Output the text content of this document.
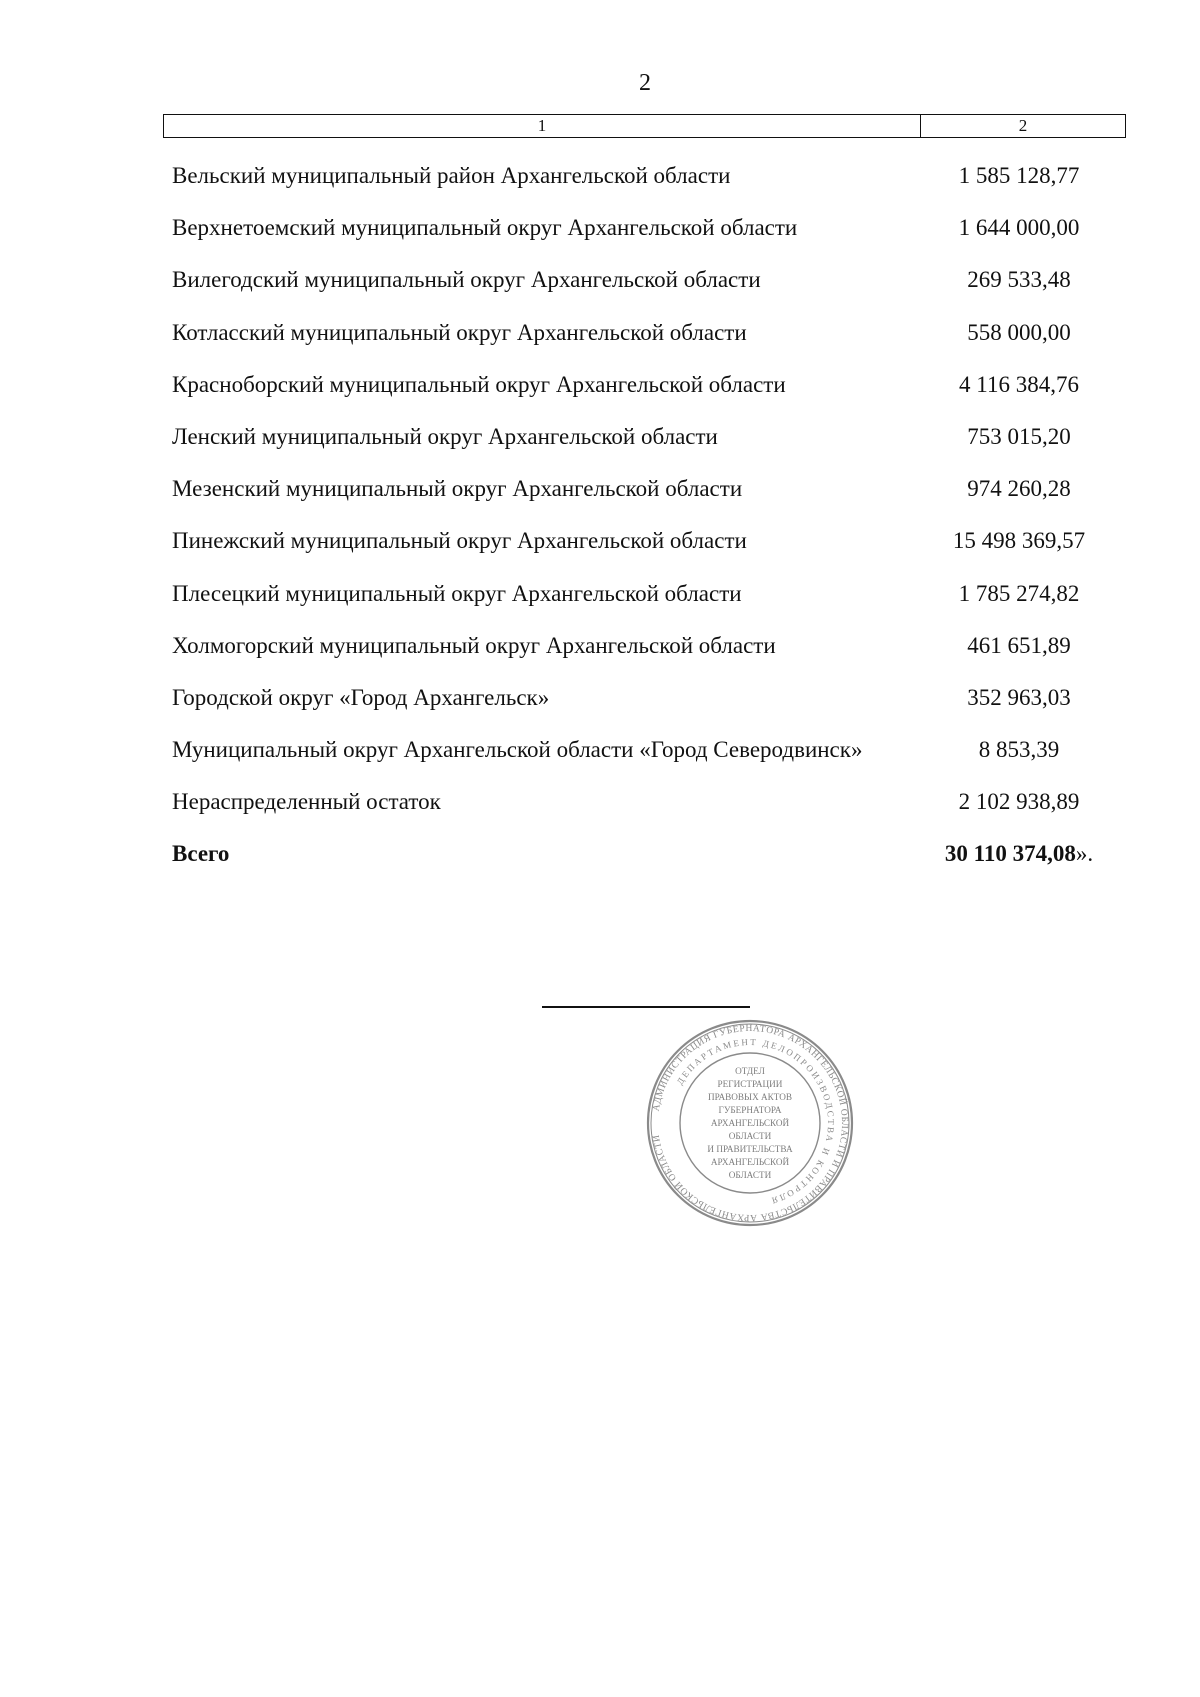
2
1	2
Вельский муниципальный район Архангельской области	1 585 128,77
Верхнетоемский муниципальный округ Архангельской области	1 644 000,00
Вилегодский муниципальный округ Архангельской области	269 533,48
Котласский муниципальный округ Архангельской области	558 000,00
Красноборский муниципальный округ Архангельской области	4 116 384,76
Ленский муниципальный округ Архангельской области	753 015,20
Мезенский муниципальный округ Архангельской области	974 260,28
Пинежский муниципальный округ Архангельской области	15 498 369,57
Плесецкий муниципальный округ Архангельской области	1 785 274,82
Холмогорский муниципальный округ Архангельской области	461 651,89
Городской округ «Город Архангельск»	352 963,03
Муниципальный округ Архангельской области «Город Северодвинск»	8 853,39
Нераспределенный остаток	2 102 938,89
Всего	30 110 374,08».
АДМИНИСТРАЦИЯ ГУБЕРНАТОРА АРХАНГЕЛЬСКОЙ ОБЛАСТИ И ПРАВИТЕЛЬСТВА АРХАНГЕЛЬСКОЙ ОБЛАСТИ
ДЕПАРТАМЕНТ ДЕЛОПРОИЗВОДСТВА И КОНТРОЛЯ
ОТДЕЛ
РЕГИСТРАЦИИ
ПРАВОВЫХ АКТОВ
ГУБЕРНАТОРА
АРХАНГЕЛЬСКОЙ
ОБЛАСТИ
И ПРАВИТЕЛЬСТВА
АРХАНГЕЛЬСКОЙ
ОБЛАСТИ
